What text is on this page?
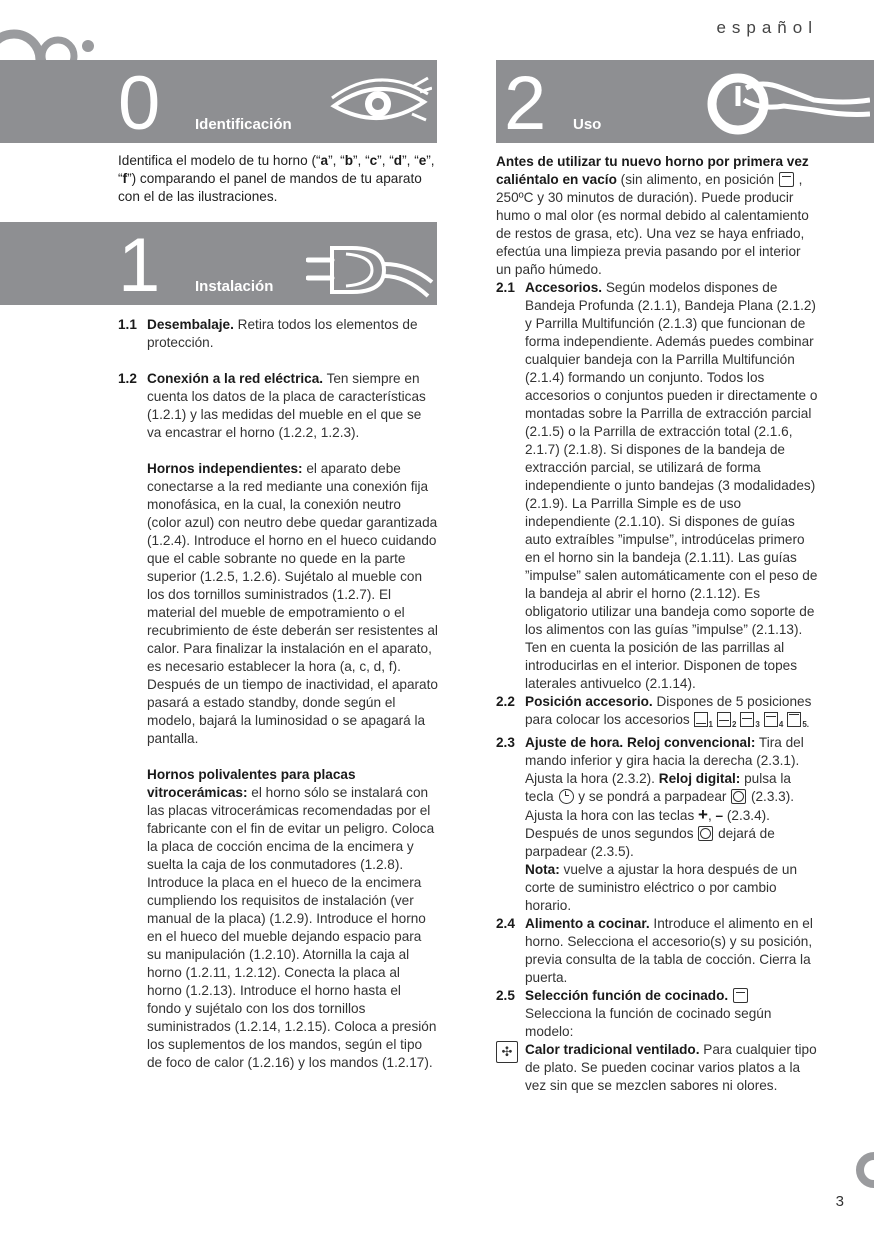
español
0 Identificación

Identifica el modelo de tu horno (“a”, “b”, “c”, “d”, “e”, “f”) comparando el panel de mandos de tu aparato con el de las ilustraciones.

1 Instalación
1.1 Desembalaje. Retira todos los elementos de protección.
1.2 Conexión a la red eléctrica. Ten siempre en cuenta los datos de la placa de características (1.2.1) y las medidas del mueble en el que se va encastrar el horno (1.2.2, 1.2.3).
Hornos independientes: el aparato debe conectarse a la red mediante una conexión fija monofásica, en la cual, la conexión neutro (color azul) con neutro debe quedar garantizada (1.2.4). Introduce el horno en el hueco cuidando que el cable sobrante no quede en la parte superior (1.2.5, 1.2.6). Sujétalo al mueble con los dos tornillos suministrados (1.2.7). El material del mueble de empotramiento o el recubrimiento de éste deberán ser resistentes al calor. Para finalizar la instalación en el aparato, es necesario establecer la hora (a, c, d, f). Después de un tiempo de inactividad, el aparato pasará a estado standby, donde según el modelo, bajará la luminosidad o se apagará la pantalla.
Hornos polivalentes para placas vitrocerámicas: el horno sólo se instalará con las placas vitrocerámicas recomendadas por el fabricante con el fin de evitar un peligro. Coloca la placa de cocción encima de la encimera y suelta la caja de los conmutadores (1.2.8). Introduce la placa en el hueco de la encimera cumpliendo los requisitos de instalación (ver manual de la placa) (1.2.9). Introduce el horno en el hueco del mueble dejando espacio para su manipulación (1.2.10). Atornilla la caja al horno (1.2.11, 1.2.12). Conecta la placa al horno (1.2.13). Introduce el horno hasta el fondo y sujétalo con los dos tornillos suministrados (1.2.14, 1.2.15). Coloca a presión los suplementos de los mandos, según el tipo de foco de calor (1.2.16) y los mandos (1.2.17).
2 Uso

Antes de utilizar tu nuevo horno por primera vez caliéntalo en vacío (sin alimento, en posición  , 250ºC y 30 minutos de duración). Puede producir humo o mal olor (es normal debido al calentamiento de restos de grasa, etc). Una vez se haya enfriado, efectúa una limpieza previa pasando por el interior un paño húmedo.

2.1 Accesorios. Según modelos dispones de Bandeja Profunda (2.1.1), Bandeja Plana (2.1.2) y Parrilla Multifunción (2.1.3) que funcionan de forma independiente. Además puedes combinar cualquier bandeja con la Parrilla Multifunción (2.1.4) formando un conjunto. Todos los accesorios o conjuntos pueden ir directamente o montadas sobre la Parrilla de extracción parcial (2.1.5) o la Parrilla de extracción total (2.1.6, 2.1.7) (2.1.8). Si dispones de la bandeja de extracción parcial, se utilizará de forma independiente o junto bandejas (3 modalidades) (2.1.9). La Parrilla Simple es de uso independiente (2.1.10). Si dispones de guías auto extraíbles ”impulse”, introdúcelas primero en el horno sin la bandeja (2.1.11). Las guías ”impulse” salen automáticamente con el peso de la bandeja al abrir el horno (2.1.12). Es obligatorio utilizar una bandeja como soporte de los alimentos con las guías ”impulse” (2.1.13). Ten en cuenta la posición de las parrillas al introducirlas en el interior. Disponen de topes laterales antivuelco (2.1.14).
2.2 Posición accesorio. Dispones de 5 posiciones para colocar los accesorios $_1$ $_2$ $_3$ $_4$ $_{5.}$
2.3 Ajuste de hora. Reloj convencional: Tira del mando inferior y gira hacia la derecha (2.3.1). Ajusta la hora (2.3.2). Reloj digital: pulsa la tecla  y se pondrá a parpadear  (2.3.3). Ajusta la hora con las teclas +, – (2.3.4). Después de unos segundos  dejará de parpadear (2.3.5).
Nota: vuelve a ajustar la hora después de un corte de suministro eléctrico o por cambio horario.
2.4 Alimento a cocinar. Introduce el alimento en el horno. Selecciona el accesorio(s) y su posición, previa consulta de la tabla de cocción. Cierra la puerta.
2.5 Selección función de cocinado.
Selecciona la función de cocinado según modelo:
✣ Calor tradicional ventilado. Para cualquier tipo de plato. Se pueden cocinar varios platos a la vez sin que se mezclen sabores ni olores.
3
